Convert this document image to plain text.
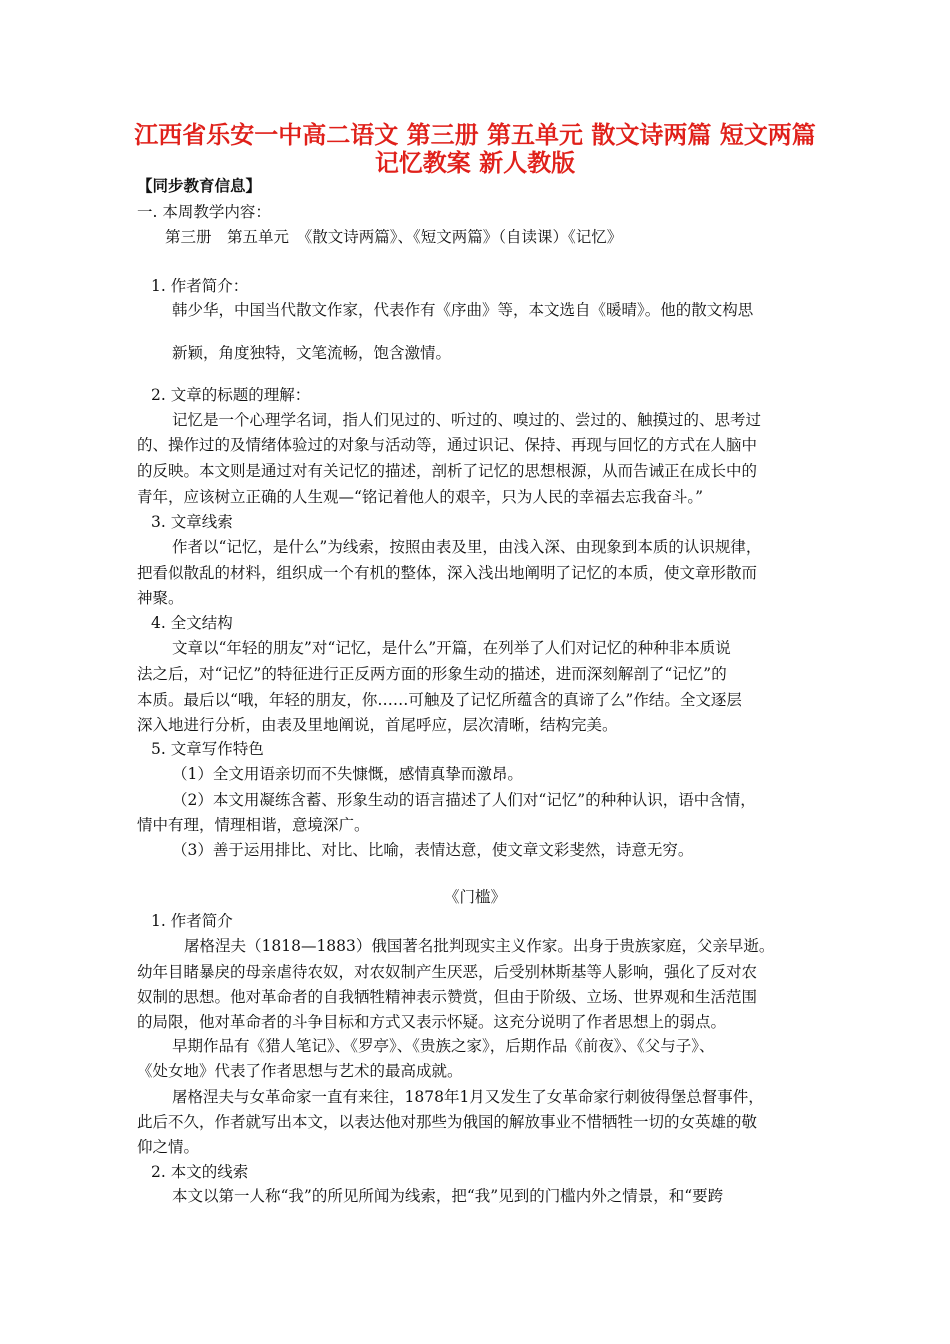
江西省乐安一中高二语文 第三册 第五单元 散文诗两篇 短文两篇
记忆教案 新人教版

【同步教育信息】

一. 本周教学内容：

第三册　第五单元　《散文诗两篇》、《短文两篇》（自读课）《记忆》

1. 作者简介：

韩少华，中国当代散文作家，代表作有《序曲》等，本文选自《暖晴》。他的散文构思

新颖，角度独特，文笔流畅，饱含激情。

2. 文章的标题的理解：

记忆是一个心理学名词，指人们见过的、听过的、嗅过的、尝过的、触摸过的、思考过

的、操作过的及情绪体验过的对象与活动等，通过识记、保持、再现与回忆的方式在人脑中

的反映。本文则是通过对有关记忆的描述，剖析了记忆的思想根源，从而告诫正在成长中的

青年，应该树立正确的人生观—“铭记着他人的艰辛，只为人民的幸福去忘我奋斗。”

3. 文章线索

作者以“记忆，是什么”为线索，按照由表及里，由浅入深、由现象到本质的认识规律，

把看似散乱的材料，组织成一个有机的整体，深入浅出地阐明了记忆的本质，使文章形散而

神聚。

4. 全文结构

文章以“年轻的朋友”对“记忆，是什么”开篇，在列举了人们对记忆的种种非本质说

法之后，对“记忆”的特征进行正反两方面的形象生动的描述，进而深刻解剖了“记忆”的

本质。最后以“哦，年轻的朋友，你……可触及了记忆所蕴含的真谛了么”作结。全文逐层

深入地进行分析，由表及里地阐说，首尾呼应，层次清晰，结构完美。

5. 文章写作特色

（1）全文用语亲切而不失慷慨，感情真挚而激昂。

（2）本文用凝练含蓄、形象生动的语言描述了人们对“记忆”的种种认识，语中含情，

情中有理，情理相谐，意境深广。

（3）善于运用排比、对比、比喻，表情达意，使文章文彩斐然，诗意无穷。

《门槛》

1. 作者简介

屠格涅夫（1818—1883）俄国著名批判现实主义作家。出身于贵族家庭，父亲早逝。

幼年目睹暴戾的母亲虐待农奴，对农奴制产生厌恶，后受别林斯基等人影响，强化了反对农

奴制的思想。他对革命者的自我牺牲精神表示赞赏，但由于阶级、立场、世界观和生活范围

的局限，他对革命者的斗争目标和方式又表示怀疑。这充分说明了作者思想上的弱点。

早期作品有《猎人笔记》、《罗亭》、《贵族之家》，后期作品《前夜》、《父与子》、

《处女地》代表了作者思想与艺术的最高成就。

屠格涅夫与女革命家一直有来往，1878年1月又发生了女革命家行刺彼得堡总督事件，

此后不久，作者就写出本文，以表达他对那些为俄国的解放事业不惜牺牲一切的女英雄的敬

仰之情。

2. 本文的线索

本文以第一人称“我”的所见所闻为线索，把“我”见到的门槛内外之情景，和“要跨
